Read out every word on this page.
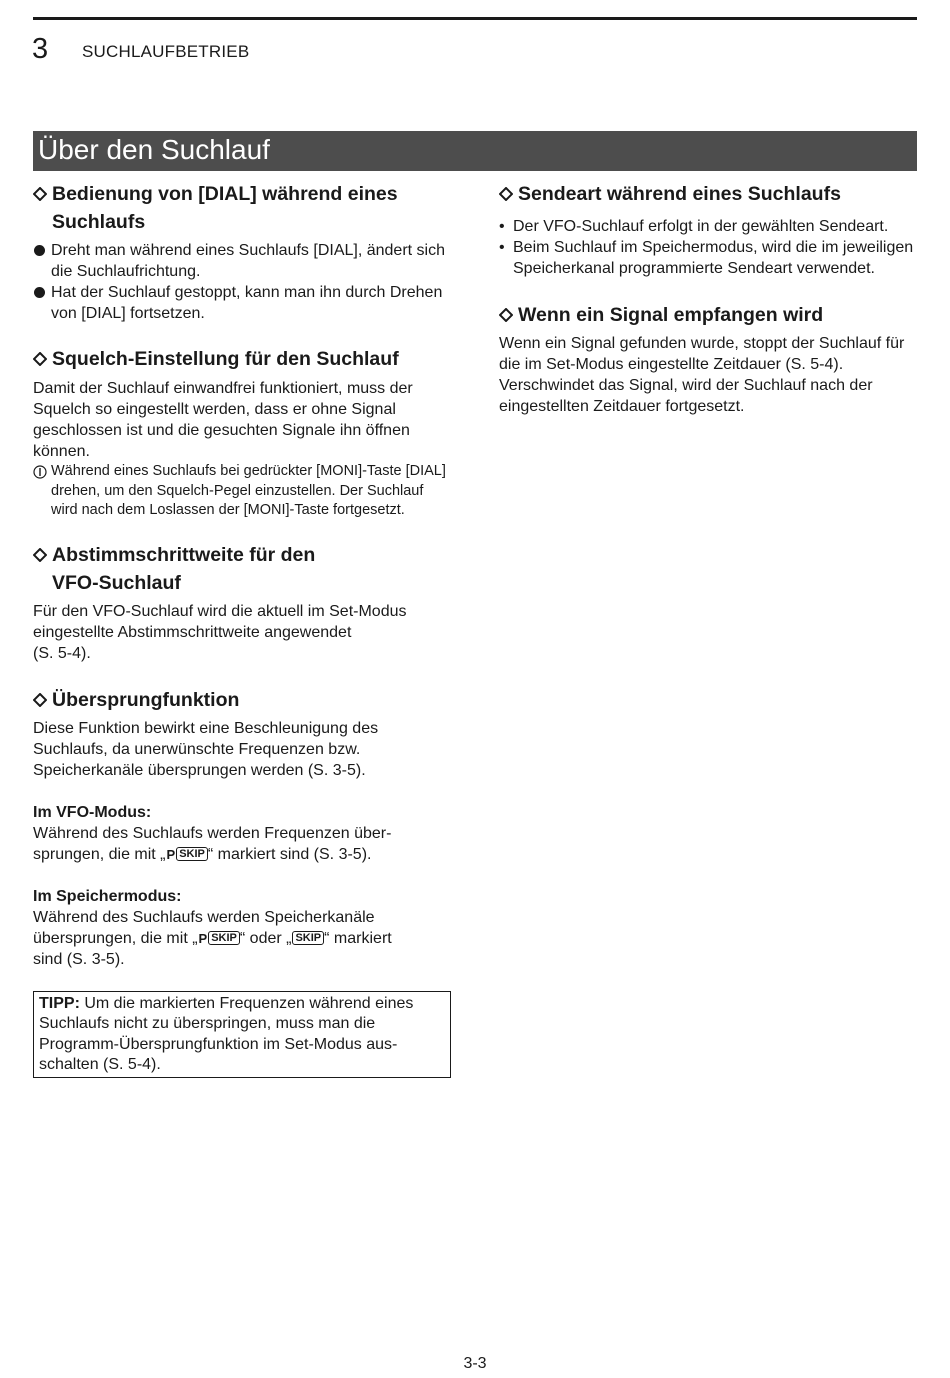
3 SUCHLAUFBETRIEB
Über den Suchlauf
Bedienung von [DIAL] während eines
Suchlaufs
Dreht man während eines Suchlaufs [DIAL], ändert sich die Suchlaufrichtung.
Hat der Suchlauf gestoppt, kann man ihn durch Drehen von [DIAL] fortsetzen.
Squelch-Einstellung für den Suchlauf

Damit der Suchlauf einwandfrei funktioniert, muss der Squelch so eingestellt werden, dass er ohne Signal geschlossen ist und die gesuchten Signale ihn öffnen können.

Während eines Suchlaufs bei gedrückter [MONI]-Taste [DIAL] drehen, um den Squelch-Pegel einzustellen. Der Suchlauf wird nach dem Loslassen der [MONI]-Taste fortgesetzt.
Abstimmschrittweite für den
VFO-Suchlauf

Für den VFO-Suchlauf wird die aktuell im Set-Modus eingestellte Abstimmschrittweite angewendet
(S. 5-4).

Übersprungfunktion

Diese Funktion bewirkt eine Beschleunigung des Suchlaufs, da unerwünschte Frequenzen bzw. Speicherkanäle übersprungen werden (S. 3-5).

Im VFO-Modus:

Während des Suchlaufs werden Frequenzen über-
sprungen, die mit „P SKIP “ markiert sind (S. 3-5).

Im Speichermodus:

Während des Suchlaufs werden Speicherkanäle
übersprungen, die mit „P SKIP “ oder „ SKIP “ markiert
sind (S. 3-5).

TIPP: Um die markierten Frequenzen während eines Suchlaufs nicht zu überspringen, muss man die Programm-Übersprungfunktion im Set-Modus aus-schalten (S. 5-4).
Sendeart während eines Suchlaufs
• Der VFO-Suchlauf erfolgt in der gewählten Sendeart.
• Beim Suchlauf im Speichermodus, wird die im jeweiligen Speicherkanal programmierte Sendeart verwendet.
Wenn ein Signal empfangen wird

Wenn ein Signal gefunden wurde, stoppt der Suchlauf für die im Set-Modus eingestellte Zeitdauer (S. 5-4). Verschwindet das Signal, wird der Suchlauf nach der eingestellten Zeitdauer fortgesetzt.

3-3
